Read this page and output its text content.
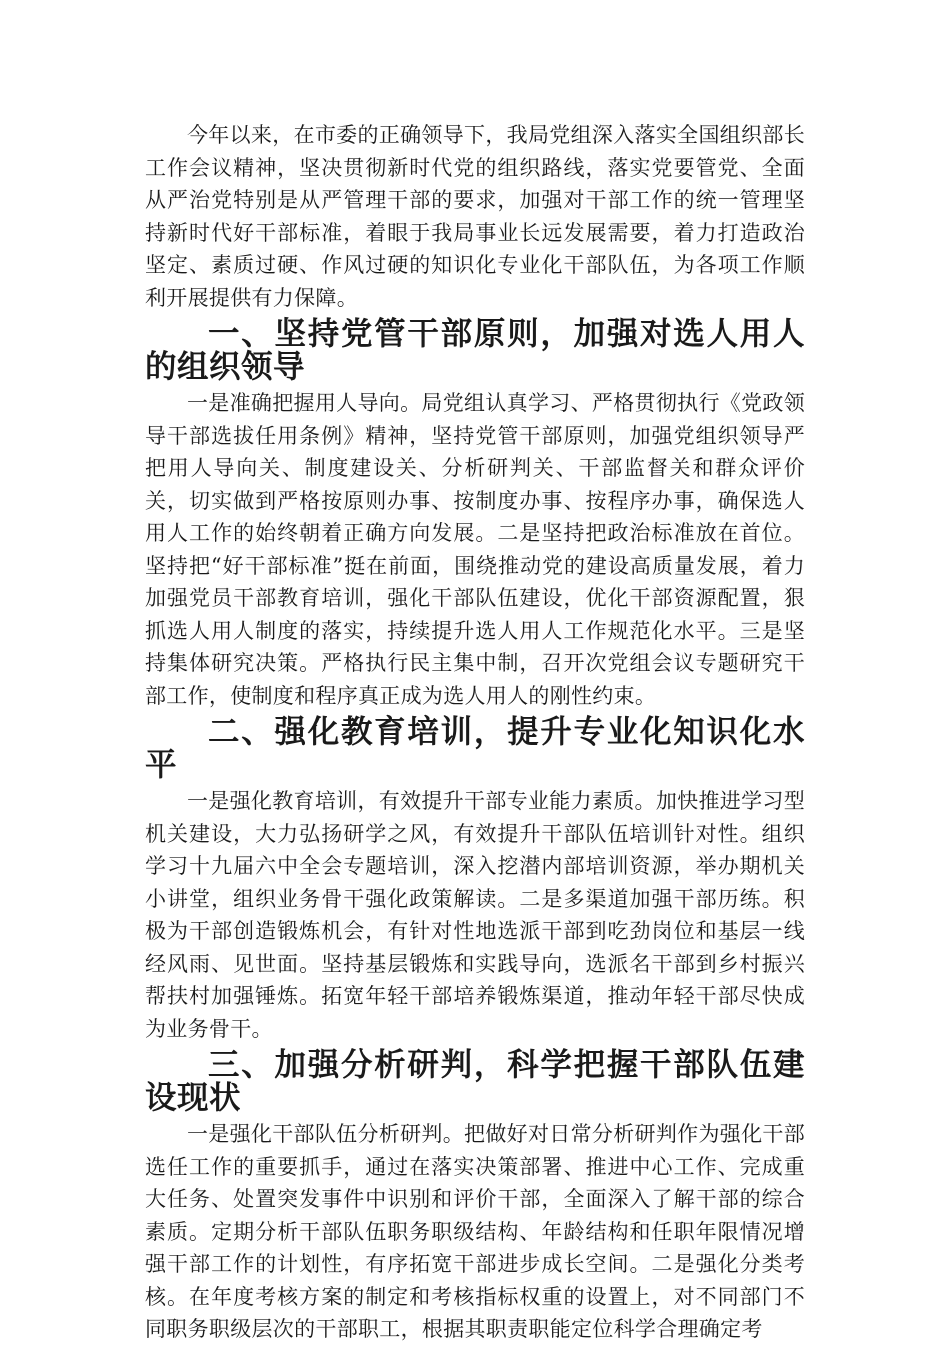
今年以来，在市委的正确领导下，我局党组深入落实全国组织部长工作会议精神，坚决贯彻新时代党的组织路线，落实党要管党、全面从严治党特别是从严管理干部的要求，加强对干部工作的统一管理坚持新时代好干部标准，着眼于我局事业长远发展需要，着力打造政治坚定、素质过硬、作风过硬的知识化专业化干部队伍，为各项工作顺利开展提供有力保障。

一、坚持党管干部原则，加强对选人用人的组织领导

一是准确把握用人导向。局党组认真学习、严格贯彻执行《党政领导干部选拔任用条例》精神，坚持党管干部原则，加强党组织领导严把用人导向关、制度建设关、分析研判关、干部监督关和群众评价关，切实做到严格按原则办事、按制度办事、按程序办事，确保选人用人工作的始终朝着正确方向发展。二是坚持把政治标准放在首位。坚持把“好干部标准”挺在前面，围绕推动党的建设高质量发展，着力加强党员干部教育培训，强化干部队伍建设，优化干部资源配置，狠抓选人用人制度的落实，持续提升选人用人工作规范化水平。三是坚持集体研究决策。严格执行民主集中制，召开次党组会议专题研究干部工作，使制度和程序真正成为选人用人的刚性约束。

二、强化教育培训，提升专业化知识化水平

一是强化教育培训，有效提升干部专业能力素质。加快推进学习型机关建设，大力弘扬研学之风，有效提升干部队伍培训针对性。组织学习十九届六中全会专题培训，深入挖潜内部培训资源，举办期机关小讲堂，组织业务骨干强化政策解读。二是多渠道加强干部历练。积极为干部创造锻炼机会，有针对性地选派干部到吃劲岗位和基层一线经风雨、见世面。坚持基层锻炼和实践导向，选派名干部到乡村振兴帮扶村加强锤炼。拓宽年轻干部培养锻炼渠道，推动年轻干部尽快成为业务骨干。

三、加强分析研判，科学把握干部队伍建设现状

一是强化干部队伍分析研判。把做好对日常分析研判作为强化干部选任工作的重要抓手，通过在落实决策部署、推进中心工作、完成重大任务、处置突发事件中识别和评价干部，全面深入了解干部的综合素质。定期分析干部队伍职务职级结构、年龄结构和任职年限情况增强干部工作的计划性，有序拓宽干部进步成长空间。二是强化分类考核。在年度考核方案的制定和考核指标权重的设置上，对不同部门不同职务职级层次的干部职工，根据其职责职能定位科学合理确定考
